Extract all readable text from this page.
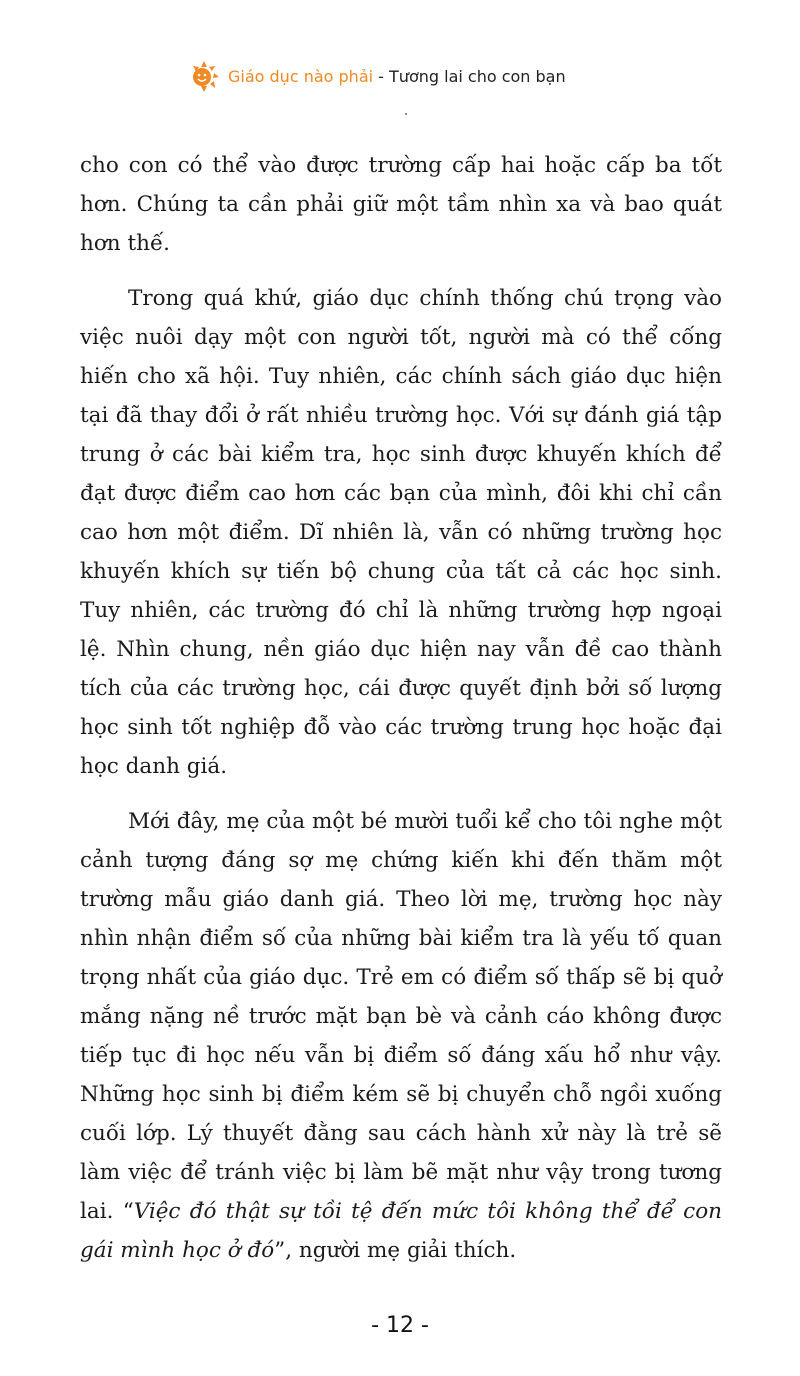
Giáo dục nào phải - Tương lai cho con bạn

cho con có thể vào được trường cấp hai hoặc cấp ba tốt hơn. Chúng ta cần phải giữ một tầm nhìn xa và bao quát hơn thế.

Trong quá khứ, giáo dục chính thống chú trọng vào việc nuôi dạy một con người tốt, người mà có thể cống hiến cho xã hội. Tuy nhiên, các chính sách giáo dục hiện tại đã thay đổi ở rất nhiều trường học. Với sự đánh giá tập trung ở các bài kiểm tra, học sinh được khuyến khích để đạt được điểm cao hơn các bạn của mình, đôi khi chỉ cần cao hơn một điểm. Dĩ nhiên là, vẫn có những trường học khuyến khích sự tiến bộ chung của tất cả các học sinh. Tuy nhiên, các trường đó chỉ là những trường hợp ngoại lệ. Nhìn chung, nền giáo dục hiện nay vẫn đề cao thành tích của các trường học, cái được quyết định bởi số lượng học sinh tốt nghiệp đỗ vào các trường trung học hoặc đại học danh giá.

Mới đây, mẹ của một bé mười tuổi kể cho tôi nghe một cảnh tượng đáng sợ mẹ chứng kiến khi đến thăm một trường mẫu giáo danh giá. Theo lời mẹ, trường học này nhìn nhận điểm số của những bài kiểm tra là yếu tố quan trọng nhất của giáo dục. Trẻ em có điểm số thấp sẽ bị quở mắng nặng nề trước mặt bạn bè và cảnh cáo không được tiếp tục đi học nếu vẫn bị điểm số đáng xấu hổ như vậy. Những học sinh bị điểm kém sẽ bị chuyển chỗ ngồi xuống cuối lớp. Lý thuyết đằng sau cách hành xử này là trẻ sẽ làm việc để tránh việc bị làm bẽ mặt như vậy trong tương lai. “Việc đó thật sự tồi tệ đến mức tôi không thể để con gái mình học ở đó”, người mẹ giải thích.

- 12 -
